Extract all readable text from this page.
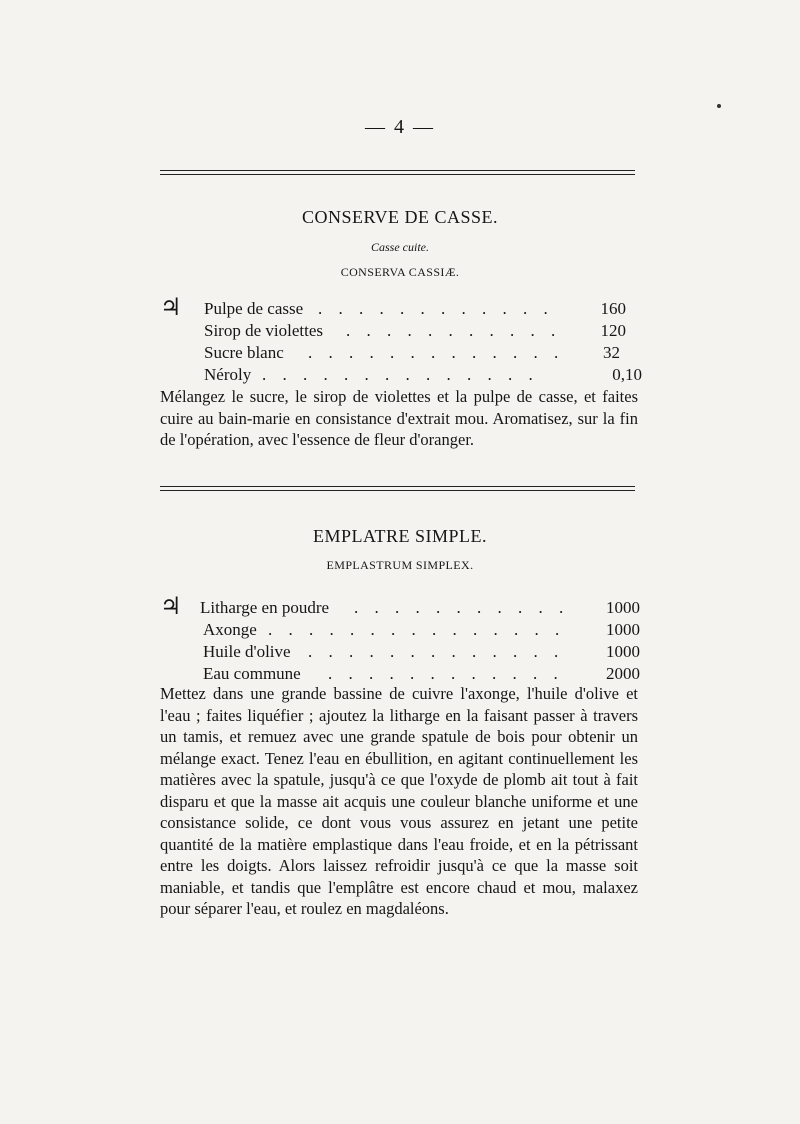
— 4 —
CONSERVE DE CASSE.
Casse cuite.
CONSERVA CASSIÆ.
♃ Pulpe de casse . . . . . . . . . . . .	160
Sirop de violettes . . . . . . . . . . . 120
Sucre blanc . . . . . . . . . . . . . 32
Néroly . . . . . . . . . . . . . .	0,10

Mélangez le sucre, le sirop de violettes et la pulpe de casse, et faites cuire au bain-marie en consistance d'extrait mou. Aromatisez, sur la fin de l'opération, avec l'essence de fleur d'oranger.

EMPLATRE SIMPLE.
EMPLASTRUM SIMPLEX.
♃ Litharge en poudre . . . . . . . . . . . 1000
Axonge . . . . . . . . . . . . . . . 1000
Huile d'olive . . . . . . . . . . . . . 1000
Eau commune . . . . . . . . . . . . 2000

Mettez dans une grande bassine de cuivre l'axonge, l'huile d'olive et l'eau ; faites liquéfier ; ajoutez la litharge en la faisant passer à travers un tamis, et remuez avec une grande spatule de bois pour obtenir un mélange exact. Tenez l'eau en ébullition, en agitant continuellement les matières avec la spatule, jusqu'à ce que l'oxyde de plomb ait tout à fait disparu et que la masse ait acquis une couleur blanche uniforme et une consistance solide, ce dont vous vous assurez en jetant une petite quantité de la matière emplastique dans l'eau froide, et en la pétrissant entre les doigts. Alors laissez refroidir jusqu'à ce que la masse soit maniable, et tandis que l'emplâtre est encore chaud et mou, malaxez pour séparer l'eau, et roulez en magdaléons.
